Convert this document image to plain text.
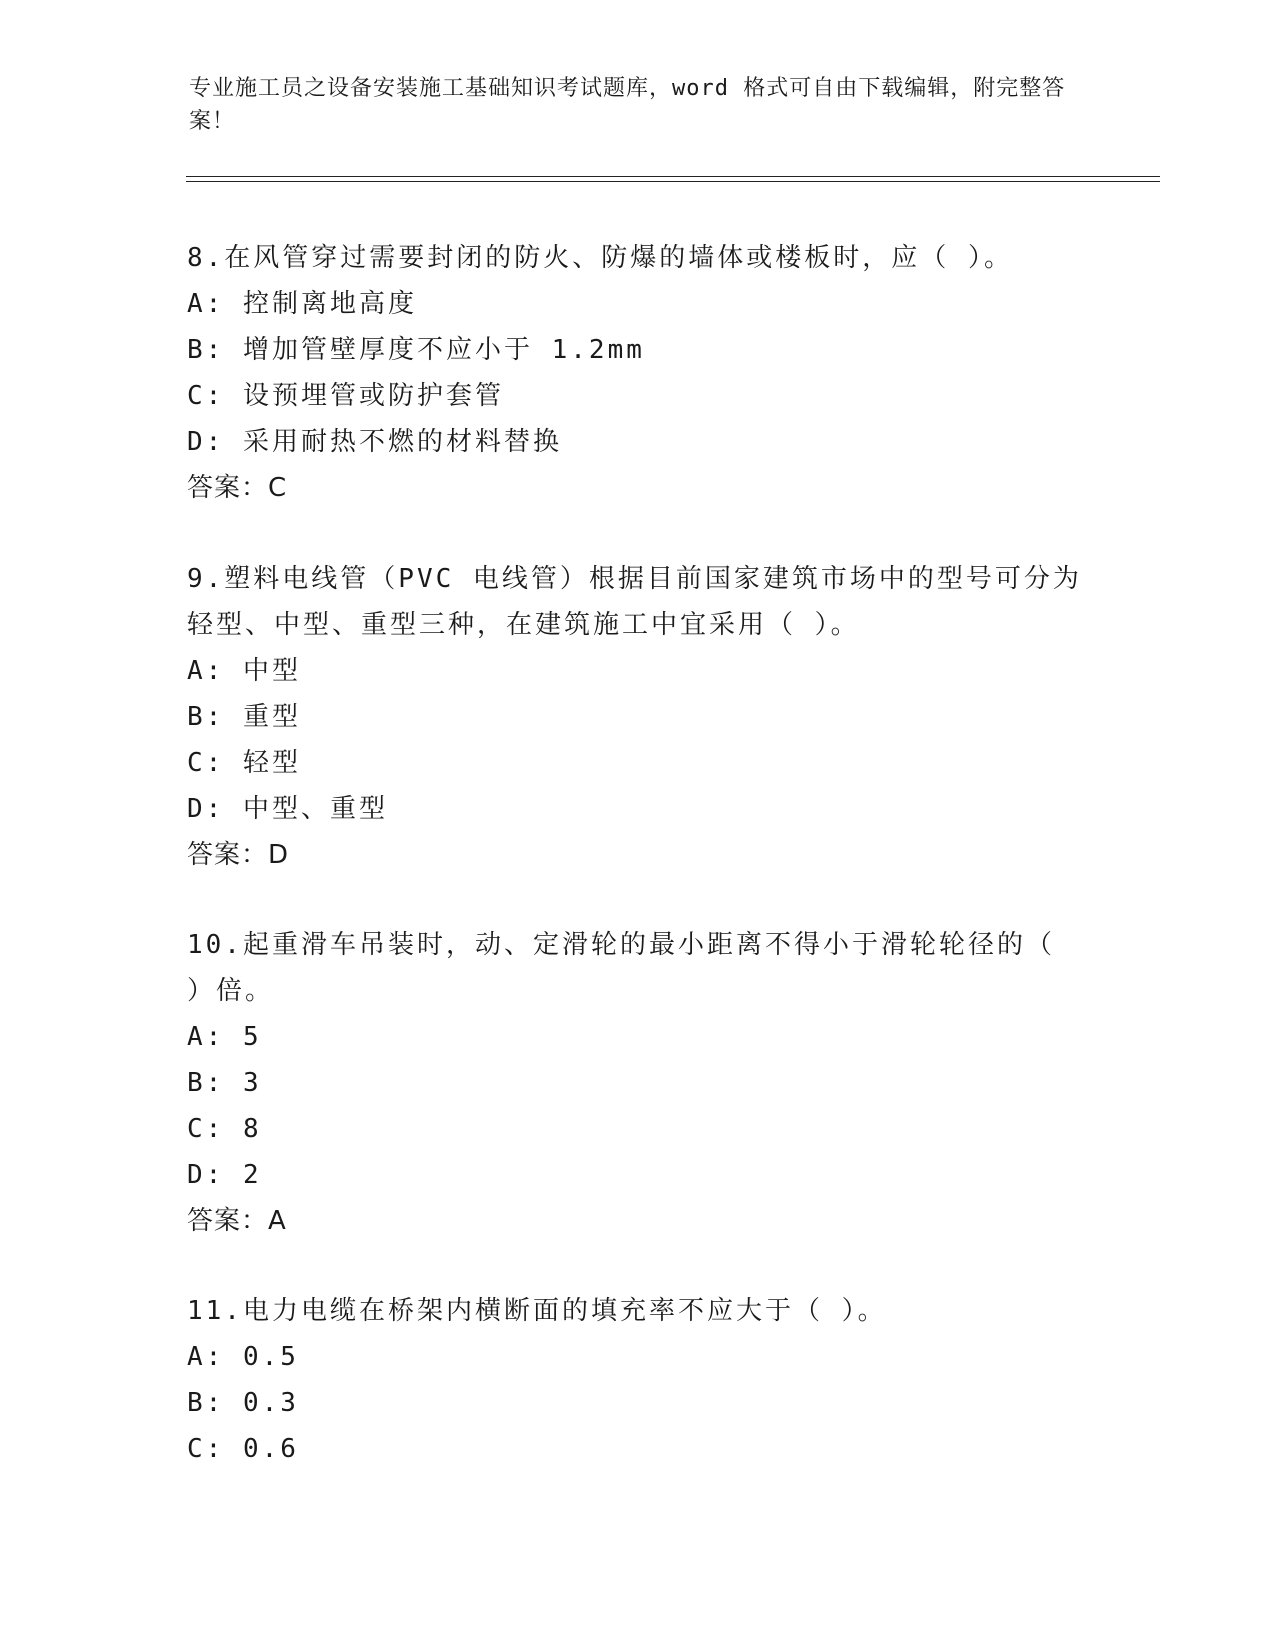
专业施工员之设备安装施工基础知识考试题库，word 格式可自由下载编辑，附完整答案！

8.在风管穿过需要封闭的防火、防爆的墙体或楼板时，应（ ）。

A: 控制离地高度

B: 增加管壁厚度不应小于 1.2mm

C: 设预埋管或防护套管

D: 采用耐热不燃的材料替换

答案：C

9.塑料电线管（PVC 电线管）根据目前国家建筑市场中的型号可分为轻型、中型、重型三种，在建筑施工中宜采用（ ）。

A: 中型

B: 重型

C: 轻型

D: 中型、重型

答案：D

10.起重滑车吊装时，动、定滑轮的最小距离不得小于滑轮轮径的（ ）倍。

A: 5

B: 3

C: 8

D: 2

答案：A

11.电力电缆在桥架内横断面的填充率不应大于（ ）。

A: 0.5

B: 0.3

C: 0.6
